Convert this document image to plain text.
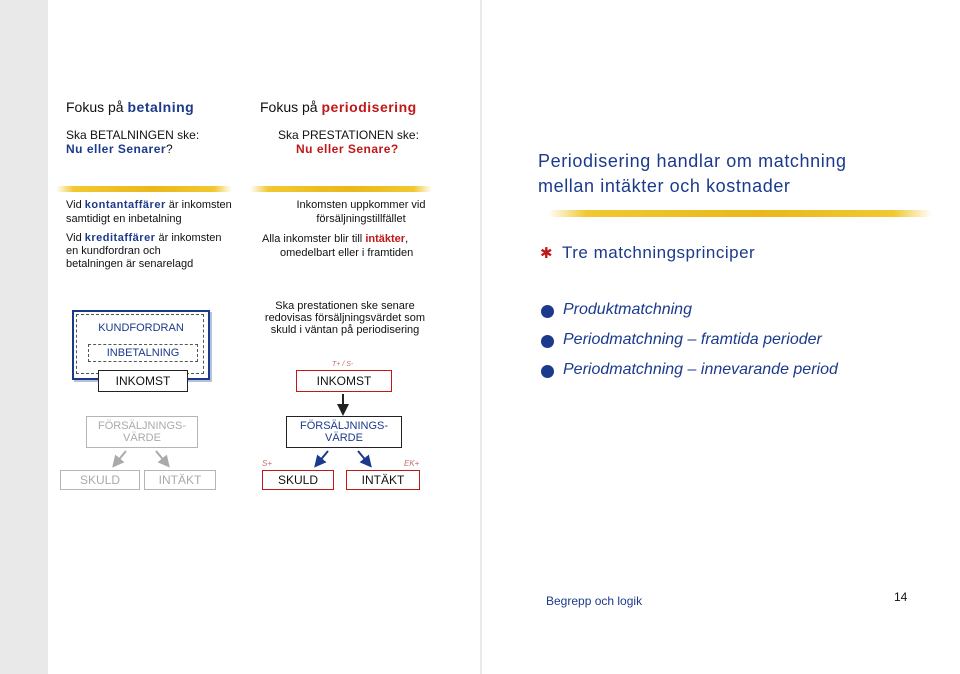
Fokus på betalning
Ska BETALNINGEN ske:
Nu eller Senarer?
Vid kontantaffärer är inkomsten
samtidigt en inbetalning
Vid kreditaffärer är inkomsten
en kundfordran och
betalningen är senarelagd
Fokus på periodisering
Ska PRESTATIONEN ske:
Nu eller Senare?
Inkomsten uppkommer vid
försäljningstillfället
Alla inkomster blir till intäkter,
omedelbart eller i framtiden
Ska prestationen ske senare
redovisas försäljningsvärdet som
skuld i väntan på periodisering
KUNDFORDRAN
INBETALNING
INKOMST
FÖRSÄLJNINGS-
VÄRDE
SKULD	INTÄKT
T+ / S-
INKOMST
FÖRSÄLJNINGS-
VÄRDE
S+	EK+
SKULD	INTÄKT
Periodisering handlar om matchning
mellan intäkter och kostnader
✱ Tre matchningsprinciper
Produktmatchning
Periodmatchning – framtida perioder
Periodmatchning – innevarande period
Begrepp och logik	14
